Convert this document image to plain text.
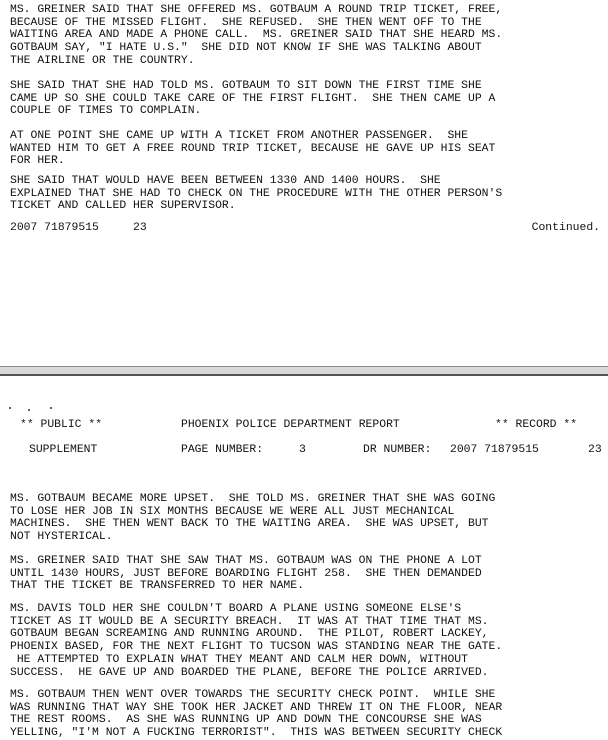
MS. GREINER SAID THAT SHE OFFERED MS. GOTBAUM A ROUND TRIP TICKET, FREE,
BECAUSE OF THE MISSED FLIGHT.  SHE REFUSED.  SHE THEN WENT OFF TO THE
WAITING AREA AND MADE A PHONE CALL.  MS. GREINER SAID THAT SHE HEARD MS.
GOTBAUM SAY, "I HATE U.S."  SHE DID NOT KNOW IF SHE WAS TALKING ABOUT
THE AIRLINE OR THE COUNTRY.

SHE SAID THAT SHE HAD TOLD MS. GOTBAUM TO SIT DOWN THE FIRST TIME SHE
CAME UP SO SHE COULD TAKE CARE OF THE FIRST FLIGHT.  SHE THEN CAME UP A
COUPLE OF TIMES TO COMPLAIN.

AT ONE POINT SHE CAME UP WITH A TICKET FROM ANOTHER PASSENGER.  SHE
WANTED HIM TO GET A FREE ROUND TRIP TICKET, BECAUSE HE GAVE UP HIS SEAT
FOR HER.

SHE SAID THAT WOULD HAVE BEEN BETWEEN 1330 AND 1400 HOURS.  SHE
EXPLAINED THAT SHE HAD TO CHECK ON THE PROCEDURE WITH THE OTHER PERSON'S
TICKET AND CALLED HER SUPERVISOR.

2007 71879515     23	Continued.
** PUBLIC **	PHOENIX POLICE DEPARTMENT REPORT	** RECORD **
SUPPLEMENT	PAGE NUMBER:	3	DR NUMBER: 2007 71879515	23

MS. GOTBAUM BECAME MORE UPSET.  SHE TOLD MS. GREINER THAT SHE WAS GOING
TO LOSE HER JOB IN SIX MONTHS BECAUSE WE WERE ALL JUST MECHANICAL
MACHINES.  SHE THEN WENT BACK TO THE WAITING AREA.  SHE WAS UPSET, BUT
NOT HYSTERICAL.

MS. GREINER SAID THAT SHE SAW THAT MS. GOTBAUM WAS ON THE PHONE A LOT
UNTIL 1430 HOURS, JUST BEFORE BOARDING FLIGHT 258.  SHE THEN DEMANDED
THAT THE TICKET BE TRANSFERRED TO HER NAME.

MS. DAVIS TOLD HER SHE COULDN'T BOARD A PLANE USING SOMEONE ELSE'S
TICKET AS IT WOULD BE A SECURITY BREACH.  IT WAS AT THAT TIME THAT MS.
GOTBAUM BEGAN SCREAMING AND RUNNING AROUND.  THE PILOT, ROBERT LACKEY,
PHOENIX BASED, FOR THE NEXT FLIGHT TO TUCSON WAS STANDING NEAR THE GATE.
HE ATTEMPTED TO EXPLAIN WHAT THEY MEANT AND CALM HER DOWN, WITHOUT
SUCCESS.  HE GAVE UP AND BOARDED THE PLANE, BEFORE THE POLICE ARRIVED.

MS. GOTBAUM THEN WENT OVER TOWARDS THE SECURITY CHECK POINT.  WHILE SHE
WAS RUNNING THAT WAY SHE TOOK HER JACKET AND THREW IT ON THE FLOOR, NEAR
THE REST ROOMS.  AS SHE WAS RUNNING UP AND DOWN THE CONCOURSE SHE WAS
YELLING, "I'M NOT A FUCKING TERRORIST".  THIS WAS BETWEEN SECURITY CHECK
